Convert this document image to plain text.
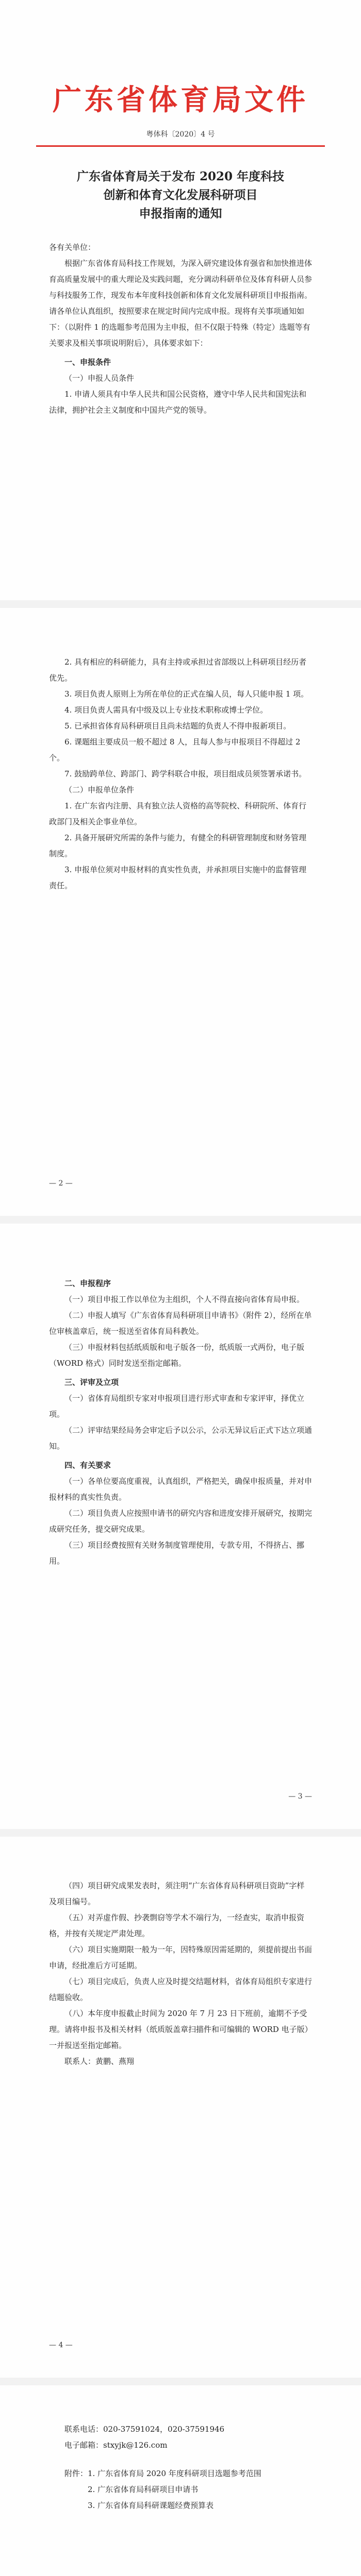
广东省体育局文件
粤体科〔2020〕4 号
广东省体育局关于发布 2020 年度科技
创新和体育文化发展科研项目
申报指南的通知

各有关单位：

根据广东省体育局科技工作规划，为深入研究建设体育强省和加快推进体育高质量发展中的重大理论及实践问题，充分调动科研单位及体育科研人员参与科技服务工作，现发布本年度科技创新和体育文化发展科研项目申报指南。请各单位认真组织，按照要求在规定时间内完成申报。现将有关事项通知如下：（以附件 1 的选题参考范围为主申报，但不仅限于特殊（特定）选题等有关要求及相关事项说明附后），具体要求如下：

一、申报条件

（一）申报人员条件

1. 申请人须具有中华人民共和国公民资格，遵守中华人民共和国宪法和法律，拥护社会主义制度和中国共产党的领导。

2. 具有相应的科研能力，具有主持或承担过省部级以上科研项目经历者优先。

3. 项目负责人原则上为所在单位的正式在编人员，每人只能申报 1 项。

4. 项目负责人需具有中级及以上专业技术职称或博士学位。

5. 已承担省体育局科研项目且尚未结题的负责人不得申报新项目。

6. 课题组主要成员一般不超过 8 人，且每人参与申报项目不得超过 2 个。

7. 鼓励跨单位、跨部门、跨学科联合申报，项目组成员须签署承诺书。

（二）申报单位条件

1. 在广东省内注册、具有独立法人资格的高等院校、科研院所、体育行政部门及相关企事业单位。

2. 具备开展研究所需的条件与能力，有健全的科研管理制度和财务管理制度。

3. 申报单位须对申报材料的真实性负责，并承担项目实施中的监督管理责任。

— 2 —

二、申报程序

（一）项目申报工作以单位为主组织，个人不得直接向省体育局申报。

（二）申报人填写《广东省体育局科研项目申请书》（附件 2），经所在单位审核盖章后，统一报送至省体育局科教处。

（三）申报材料包括纸质版和电子版各一份，纸质版一式两份，电子版（WORD 格式）同时发送至指定邮箱。

三、评审及立项

（一）省体育局组织专家对申报项目进行形式审查和专家评审，择优立项。

（二）评审结果经局务会审定后予以公示，公示无异议后正式下达立项通知。

四、有关要求

（一）各单位要高度重视，认真组织，严格把关，确保申报质量，并对申报材料的真实性负责。

（二）项目负责人应按照申请书的研究内容和进度安排开展研究，按期完成研究任务，提交研究成果。

（三）项目经费按照有关财务制度管理使用，专款专用，不得挤占、挪用。

— 3 —

（四）项目研究成果发表时，须注明“广东省体育局科研项目资助”字样及项目编号。

（五）对弄虚作假、抄袭剽窃等学术不端行为，一经查实，取消申报资格，并按有关规定严肃处理。

（六）项目实施期限一般为一年，因特殊原因需延期的，须提前提出书面申请，经批准后方可延期。

（七）项目完成后，负责人应及时提交结题材料，省体育局组织专家进行结题验收。

（八）本年度申报截止时间为 2020 年 7 月 23 日下班前，逾期不予受理。请将申报书及相关材料（纸质版盖章扫描件和可编辑的 WORD 电子版）一并报送至指定邮箱。

联系人：黄鹏、燕翔

— 4 —

联系电话：020-37591024，020-37591946

电子邮箱：stxyjk@126.com

附件：1. 广东省体育局 2020 年度科研项目选题参考范围

2. 广东省体育局科研项目申请书

3. 广东省体育局科研课题经费预算表
